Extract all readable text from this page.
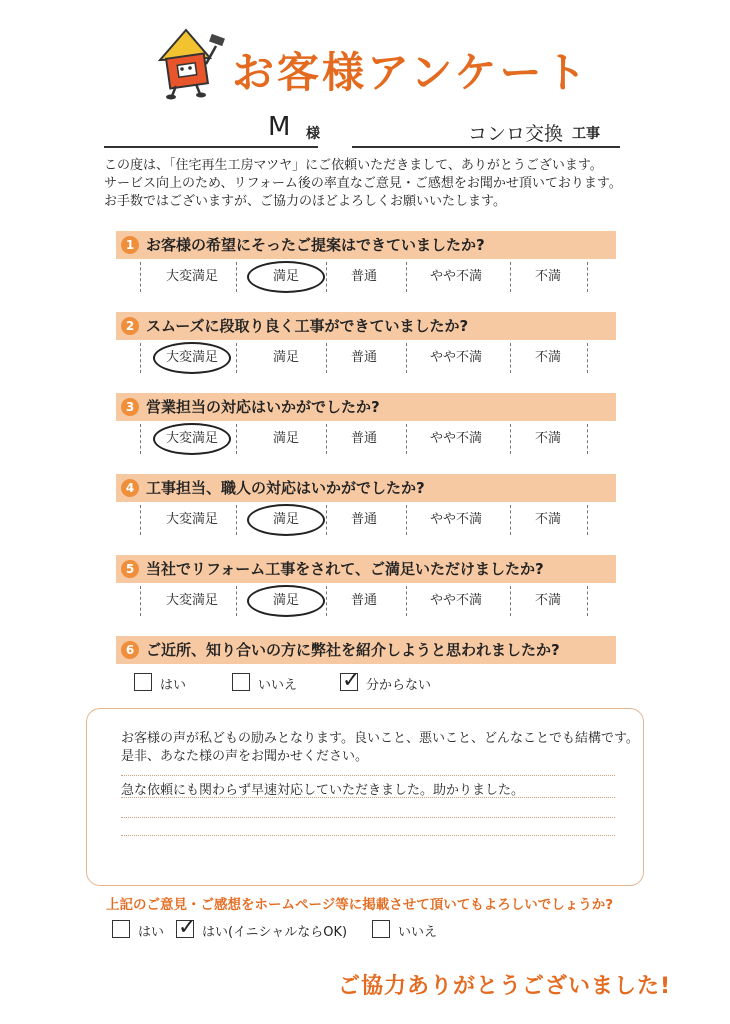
お客様アンケート
M 様	コンロ交換 工事
この度は、「住宅再生工房マツヤ」にご依頼いただきまして、ありがとうございます。
サービス向上のため、リフォーム後の率直なご意見・ご感想をお聞かせ頂いております。
お手数ではございますが、ご協力のほどよろしくお願いいたします。
1 お客様の希望にそったご提案はできていましたか?
大変満足	満足	普通	やや不満	不満
2 スムーズに段取り良く工事ができていましたか?
大変満足	満足	普通	やや不満	不満
3 営業担当の対応はいかがでしたか?
大変満足	満足	普通	やや不満	不満
4 工事担当、職人の対応はいかがでしたか?
大変満足	満足	普通	やや不満	不満
5 当社でリフォーム工事をされて、ご満足いただけましたか?
大変満足	満足	普通	やや不満	不満
6 ご近所、知り合いの方に弊社を紹介しようと思われましたか?
はい	いいえ	分からない
✓
お客様の声が私どもの励みとなります。良いこと、悪いこと、どんなことでも結構です。
是非、あなた様の声をお聞かせください。
急な依頼にも関わらず早速対応していただきました。助かりました。
上記のご意見・ご感想をホームページ等に掲載させて頂いてもよろしいでしょうか?
はい	はい(イニシャルならOK)	いいえ
✓
ご協力ありがとうございました!
